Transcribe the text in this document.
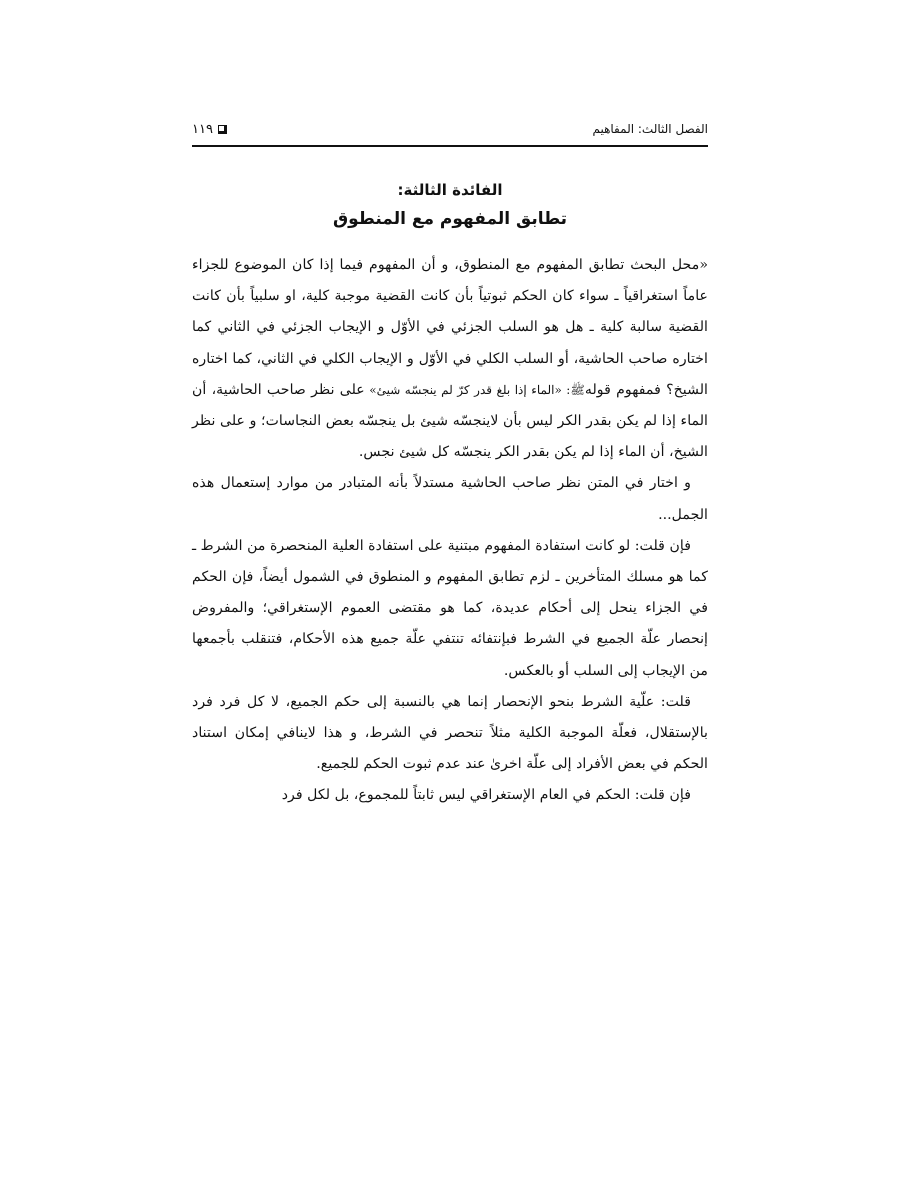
الفصل الثالث: المفاهيم
١١٩
الفائدة الثالثة:
تطابق المفهوم مع المنطوق

«محل البحث تطابق المفهوم مع المنطوق، و أن المفهوم فيما إذا كان الموضوع للجزاء عاماً استغراقياً ـ سواء كان الحكم ثبوتياً بأن كانت القضية موجبة كلية، او سلبياً بأن كانت القضية سالبة كلية ـ هل هو السلب الجزئي في الأوّل و الإيجاب الجزئي في الثاني كما اختاره صاحب الحاشية، أو السلب الكلي في الأوّل و الإيجاب الكلي في الثاني، كما اختاره الشيخ؟ فمفهوم قولهﷺ: «الماء إذا بلغ قدر كرّ لم ينجسّه شيئ» على نظر صاحب الحاشية، أن الماء إذا لم يكن بقدر الكر ليس بأن لاينجسّه شيئ بل ينجسّه بعض النجاسات؛ و على نظر الشيخ، أن الماء إذا لم يكن بقدر الكر ينجسّه كل شيئ نجس.

و اختار في المتن نظر صاحب الحاشية مستدلاً بأنه المتبادر من موارد إستعمال هذه الجمل...

فإن قلت: لو كانت استفادة المفهوم مبتنية على استفادة العلية المنحصرة من الشرط ـ كما هو مسلك المتأخرين ـ لزم تطابق المفهوم و المنطوق في الشمول أيضاً، فإن الحكم في الجزاء ينحل إلى أحكام عديدة، كما هو مقتضى العموم الإستغراقي؛ والمفروض إنحصار علّة الجميع في الشرط فبإنتفائه تنتفي علّة جميع هذه الأحكام، فتنقلب بأجمعها من الإيجاب إلى السلب أو بالعكس.

قلت: علّية الشرط بنحو الإنحصار إنما هي بالنسبة إلى حكم الجميع، لا كل فرد فرد بالإستقلال، فعلّة الموجبة الكلية مثلاً تنحصر في الشرط، و هذا لاينافي إمكان استناد الحكم في بعض الأفراد إلى علّة اخرىٰ عند عدم ثبوت الحكم للجميع.

فإن قلت: الحكم في العام الإستغراقي ليس ثابتاً للمجموع، بل لكل فرد
